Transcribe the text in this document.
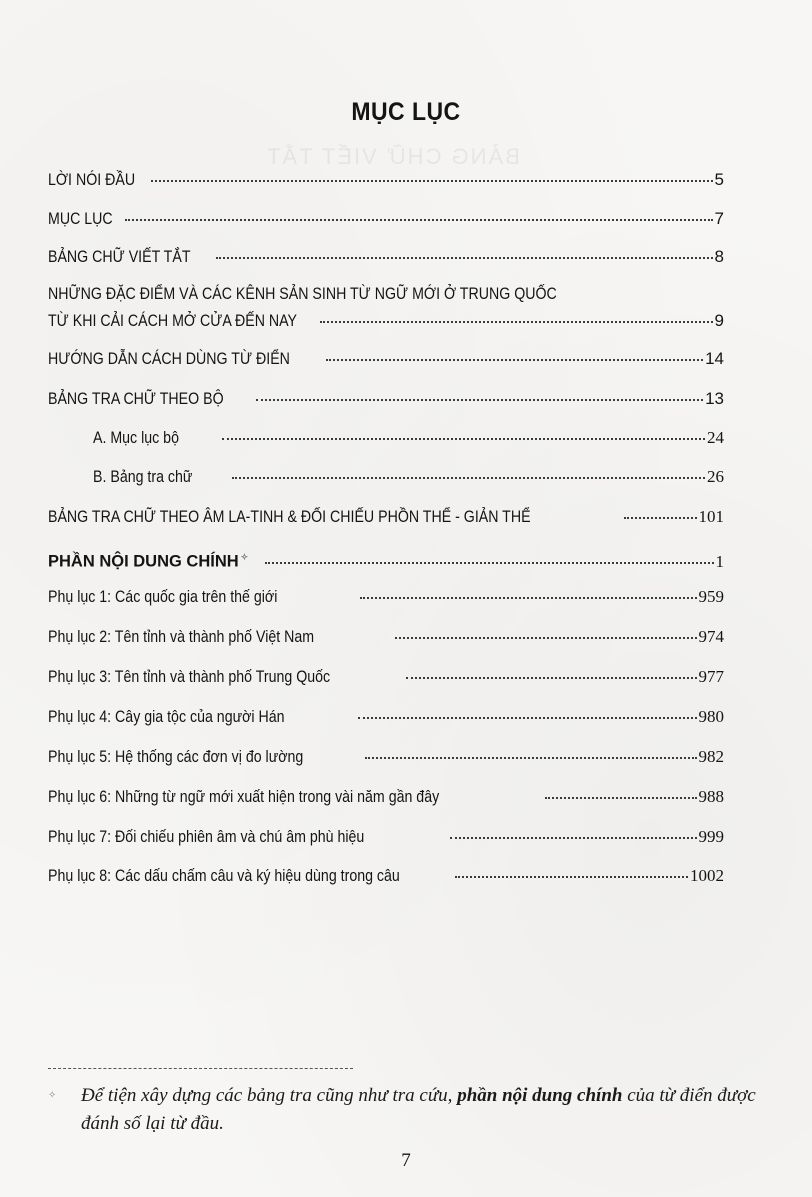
BẢNG CHỮ VIẾT TẮT
MỤC LỤC
LỜI NÓI ĐẦU	5
MỤC LỤC	7
BẢNG CHỮ VIẾT TẮT	8
NHỮNG ĐẶC ĐIỂM VÀ CÁC KÊNH SẢN SINH TỪ NGỮ MỚI Ở TRUNG QUỐC
TỪ KHI CẢI CÁCH MỞ CỬA ĐẾN NAY	9
HƯỚNG DẪN CÁCH DÙNG TỪ ĐIỂN	14
BẢNG TRA CHỮ THEO BỘ	13
A. Mục lục bộ	24
B. Bảng tra chữ	26
BẢNG TRA CHỮ THEO ÂM LA-TINH & ĐỐI CHIẾU PHỒN THỂ - GIẢN THỂ	101
PHẦN NỘI DUNG CHÍNH ✧	1
Phụ lục 1: Các quốc gia trên thế giới	959
Phụ lục 2: Tên tỉnh và thành phố Việt Nam	974
Phụ lục 3: Tên tỉnh và thành phố Trung Quốc	977
Phụ lục 4: Cây gia tộc của người Hán	980
Phụ lục 5: Hệ thống các đơn vị đo lường	982
Phụ lục 6: Những từ ngữ mới xuất hiện trong vài năm gần đây	988
Phụ lục 7: Đối chiếu phiên âm và chú âm phù hiệu	999
Phụ lục 8: Các dấu chấm câu và ký hiệu dùng trong câu	1002
✧	Để tiện xây dựng các bảng tra cũng như tra cứu, phần nội dung chính của từ điển được đánh số lại từ đầu.
7
